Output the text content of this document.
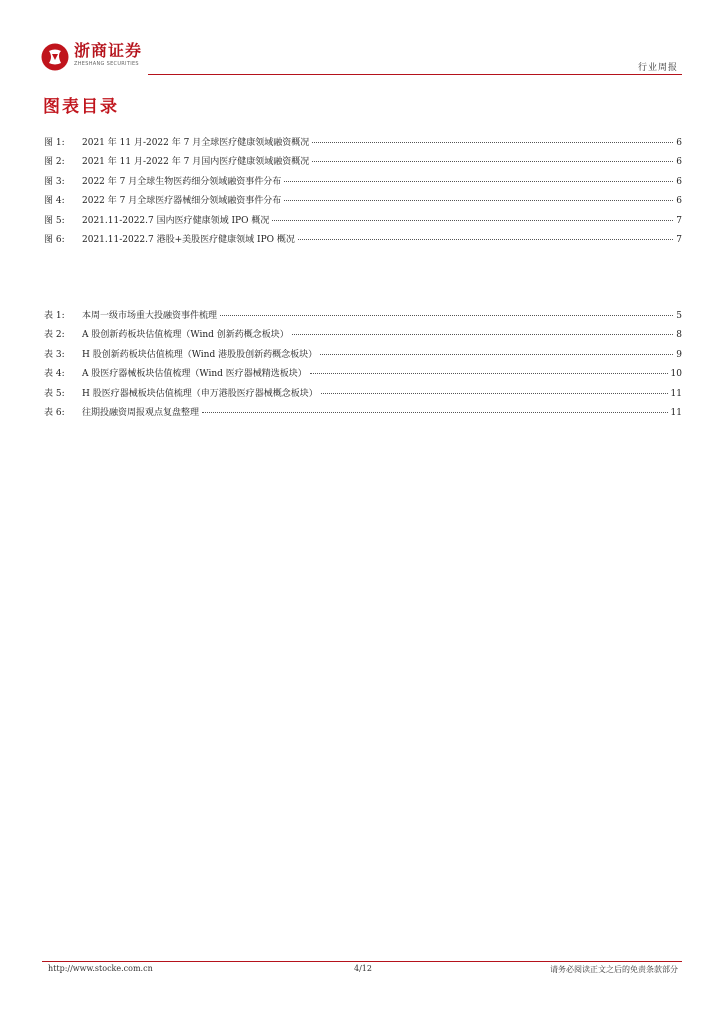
浙商证券
ZHESHANG SECURITIES	行业周报
图表目录
图 1:	2021 年 11 月-2022 年 7 月全球医疗健康领域融资概况	6
图 2:	2021 年 11 月-2022 年 7 月国内医疗健康领域融资概况	6
图 3:	2022 年 7 月全球生物医药细分领域融资事件分布	6
图 4:	2022 年 7 月全球医疗器械细分领域融资事件分布	6
图 5:	2021.11-2022.7 国内医疗健康领域 IPO 概况	7
图 6:	2021.11-2022.7 港股+美股医疗健康领域 IPO 概况	7
表 1:	本周一级市场重大投融资事件梳理	5
表 2:	A 股创新药板块估值梳理（Wind 创新药概念板块）	8
表 3:	H 股创新药板块估值梳理（Wind 港股股创新药概念板块）	9
表 4:	A 股医疗器械板块估值梳理（Wind 医疗器械精选板块）	10
表 5:	H 股医疗器械板块估值梳理（申万港股医疗器械概念板块）	11
表 6:	往期投融资周报观点复盘整理	11
http://www.stocke.com.cn	4/12	请务必阅读正文之后的免责条款部分
